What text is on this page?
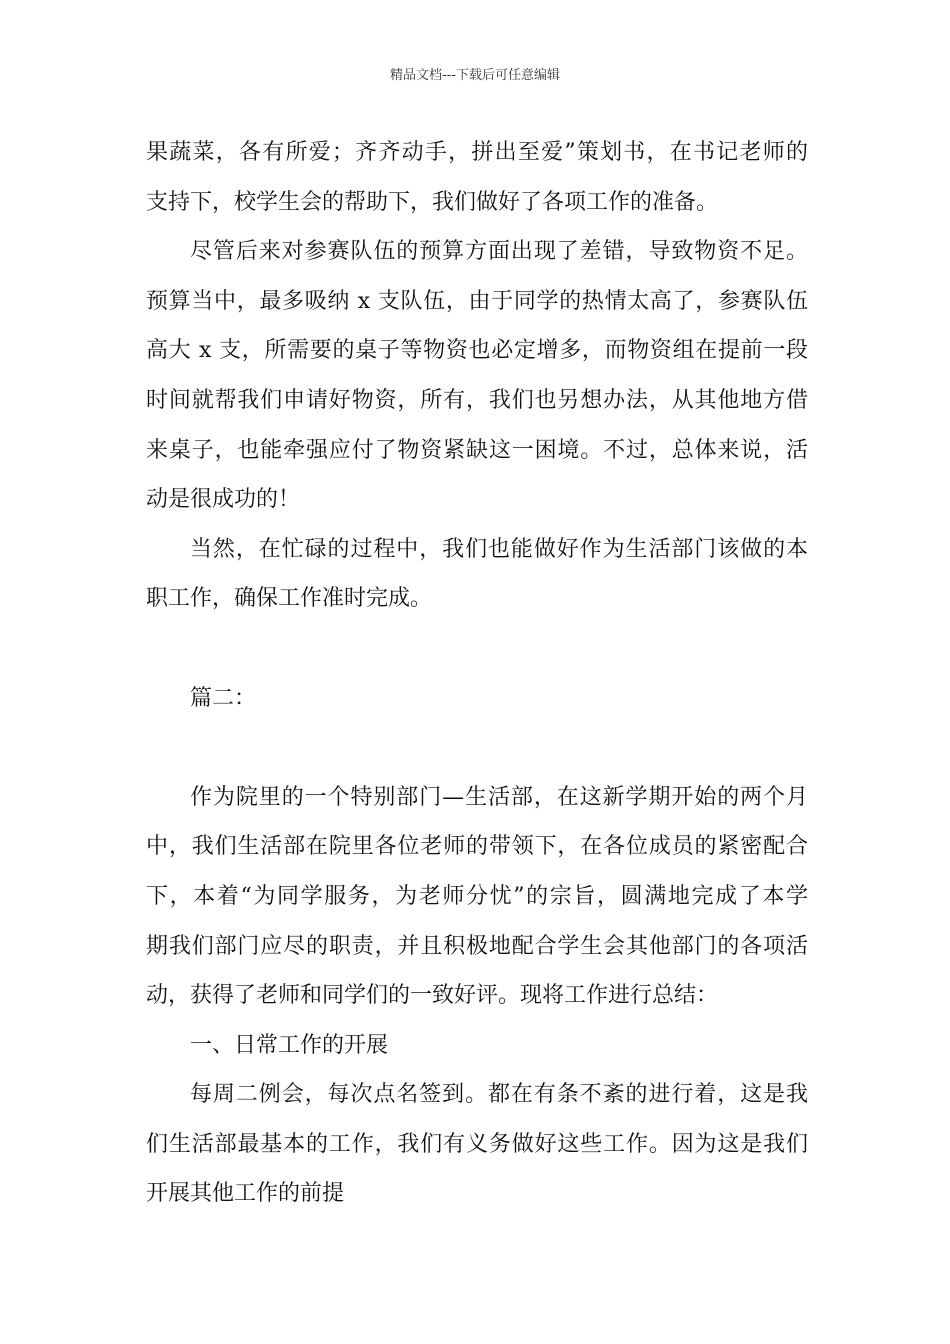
精品文档---下载后可任意编辑
果蔬菜，各有所爱；齐齐动手，拼出至爱”策划书，在书记老师的
支持下，校学生会的帮助下，我们做好了各项工作的准备。
尽管后来对参赛队伍的预算方面出现了差错，导致物资不足。
预算当中，最多吸纳 x 支队伍，由于同学的热情太高了，参赛队伍
高大 x 支，所需要的桌子等物资也必定增多，而物资组在提前一段
时间就帮我们申请好物资，所有，我们也另想办法，从其他地方借
来桌子，也能牵强应付了物资紧缺这一困境。不过，总体来说，活
动是很成功的！
当然，在忙碌的过程中，我们也能做好作为生活部门该做的本
职工作，确保工作准时完成。
篇二：
作为院里的一个特别部门—生活部，在这新学期开始的两个月
中，我们生活部在院里各位老师的带领下，在各位成员的紧密配合
下，本着“为同学服务，为老师分忧”的宗旨，圆满地完成了本学
期我们部门应尽的职责，并且积极地配合学生会其他部门的各项活
动，获得了老师和同学们的一致好评。现将工作进行总结：
一、日常工作的开展
每周二例会，每次点名签到。都在有条不紊的进行着，这是我
们生活部最基本的工作，我们有义务做好这些工作。因为这是我们
开展其他工作的前提
